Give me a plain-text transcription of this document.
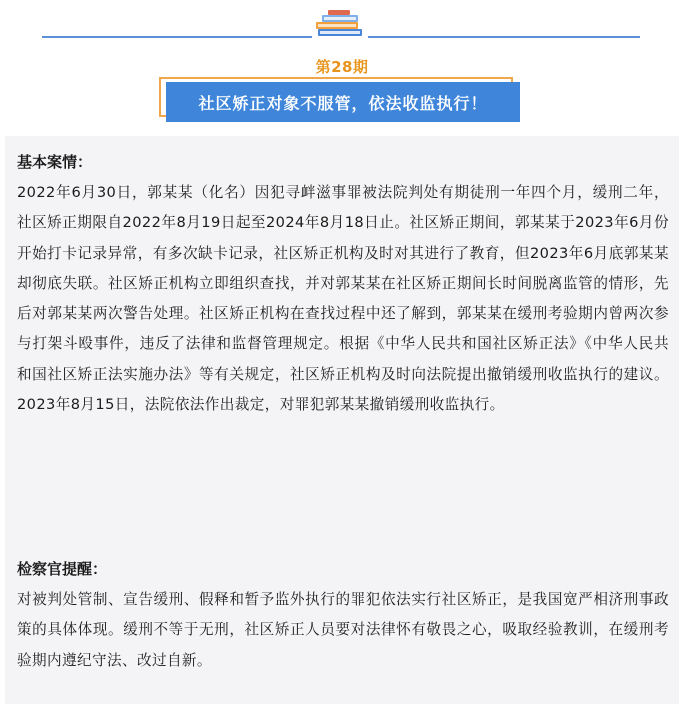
第28期
社区矫正对象不服管，依法收监执行！

基本案情：

2022年6月30日，郭某某（化名）因犯寻衅滋事罪被法院判处有期徒刑一年四个月，缓刑二年，社区矫正期限自2022年8月19日起至2024年8月18日止。社区矫正期间，郭某某于2023年6月份开始打卡记录异常，有多次缺卡记录，社区矫正机构及时对其进行了教育，但2023年6月底郭某某却彻底失联。社区矫正机构立即组织查找，并对郭某某在社区矫正期间长时间脱离监管的情形，先后对郭某某两次警告处理。社区矫正机构在查找过程中还了解到，郭某某在缓刑考验期内曾两次参与打架斗殴事件，违反了法律和监督管理规定。根据《中华人民共和国社区矫正法》《中华人民共和国社区矫正法实施办法》等有关规定，社区矫正机构及时向法院提出撤销缓刑收监执行的建议。2023年8月15日，法院依法作出裁定，对罪犯郭某某撤销缓刑收监执行。

检察官提醒：

对被判处管制、宣告缓刑、假释和暂予监外执行的罪犯依法实行社区矫正，是我国宽严相济刑事政策的具体体现。缓刑不等于无刑，社区矫正人员要对法律怀有敬畏之心，吸取经验教训，在缓刑考验期内遵纪守法、改过自新。
